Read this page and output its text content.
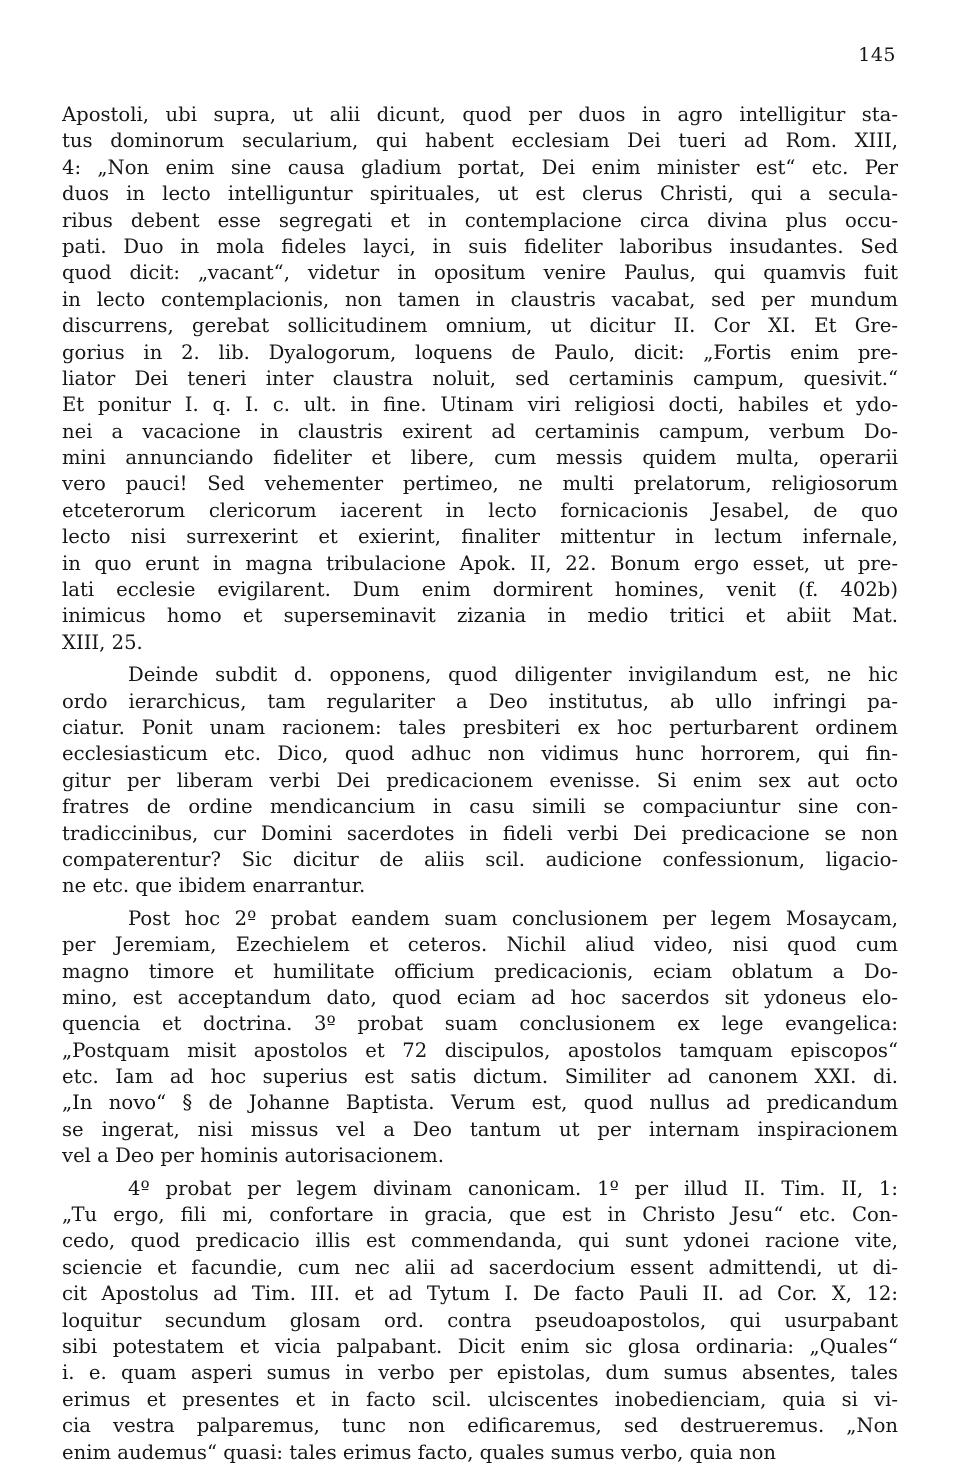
145
Apostoli, ubi supra, ut alii dicunt, quod per duos in agro intelligitur sta-
tus dominorum secularium, qui habent ecclesiam Dei tueri ad Rom. XIII,
4: „Non enim sine causa gladium portat, Dei enim minister est“ etc. Per
duos in lecto intelliguntur spirituales, ut est clerus Christi, qui a secula-
ribus debent esse segregati et in contemplacione circa divina plus occu-
pati. Duo in mola fideles layci, in suis fideliter laboribus insudantes. Sed
quod dicit: „vacant“, videtur in opositum venire Paulus, qui quamvis fuit
in lecto contemplacionis, non tamen in claustris vacabat, sed per mundum
discurrens, gerebat sollicitudinem omnium, ut dicitur II. Cor XI. Et Gre-
gorius in 2. lib. Dyalogorum, loquens de Paulo, dicit: „Fortis enim pre-
liator Dei teneri inter claustra noluit, sed certaminis campum, quesivit.“
Et ponitur I. q. I. c. ult. in fine. Utinam viri religiosi docti, habiles et ydo-
nei a vacacione in claustris exirent ad certaminis campum, verbum Do-
mini annunciando fideliter et libere, cum messis quidem multa, operarii
vero pauci! Sed vehementer pertimeo, ne multi prelatorum, religiosorum
etceterorum clericorum iacerent in lecto fornicacionis Jesabel, de quo
lecto nisi surrexerint et exierint, finaliter mittentur in lectum infernale,
in quo erunt in magna tribulacione Apok. II, 22. Bonum ergo esset, ut pre-
lati ecclesie evigilarent. Dum enim dormirent homines, venit (f. 402b)
inimicus homo et superseminavit zizania in medio tritici et abiit Mat.
XIII, 25.
Deinde subdit d. opponens, quod diligenter invigilandum est, ne hic
ordo ierarchicus, tam regulariter a Deo institutus, ab ullo infringi pa-
ciatur. Ponit unam racionem: tales presbiteri ex hoc perturbarent ordinem
ecclesiasticum etc. Dico, quod adhuc non vidimus hunc horrorem, qui fin-
gitur per liberam verbi Dei predicacionem evenisse. Si enim sex aut octo
fratres de ordine mendicancium in casu simili se compaciuntur sine con-
tradiccinibus, cur Domini sacerdotes in fideli verbi Dei predicacione se non
compaterentur? Sic dicitur de aliis scil. audicione confessionum, ligacio-
ne etc. que ibidem enarrantur.
Post hoc 2º probat eandem suam conclusionem per legem Mosaycam,
per Jeremiam, Ezechielem et ceteros. Nichil aliud video, nisi quod cum
magno timore et humilitate officium predicacionis, eciam oblatum a Do-
mino, est acceptandum dato, quod eciam ad hoc sacerdos sit ydoneus elo-
quencia et doctrina. 3º probat suam conclusionem ex lege evangelica:
„Postquam misit apostolos et 72 discipulos, apostolos tamquam episcopos“
etc. Iam ad hoc superius est satis dictum. Similiter ad canonem XXI. di.
„In novo“ § de Johanne Baptista. Verum est, quod nullus ad predicandum
se ingerat, nisi missus vel a Deo tantum ut per internam inspiracionem
vel a Deo per hominis autorisacionem.
4º probat per legem divinam canonicam. 1º per illud II. Tim. II, 1:
„Tu ergo, fili mi, confortare in gracia, que est in Christo Jesu“ etc. Con-
cedo, quod predicacio illis est commendanda, qui sunt ydonei racione vite,
sciencie et facundie, cum nec alii ad sacerdocium essent admittendi, ut di-
cit Apostolus ad Tim. III. et ad Tytum I. De facto Pauli II. ad Cor. X, 12:
loquitur secundum glosam ord. contra pseudoapostolos, qui usurpabant
sibi potestatem et vicia palpabant. Dicit enim sic glosa ordinaria: „Quales“
i. e. quam asperi sumus in verbo per epistolas, dum sumus absentes, tales
erimus et presentes et in facto scil. ulciscentes inobedienciam, quia si vi-
cia vestra palparemus, tunc non edificaremus, sed destrueremus. „Non
enim audemus“ quasi: tales erimus facto, quales sumus verbo, quia non
